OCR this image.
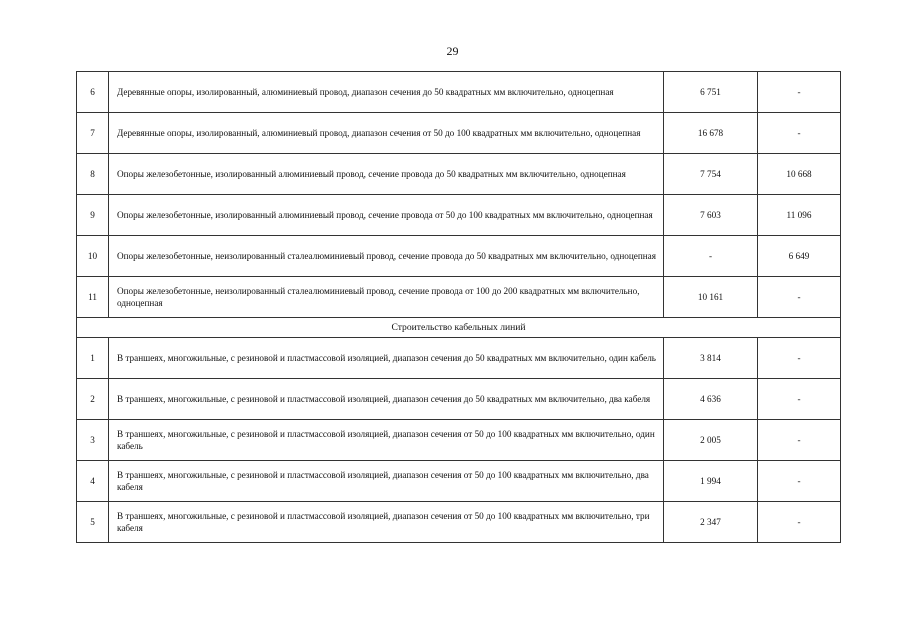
29
6	Деревянные опоры, изолированный, алюминиевый провод, диапазон сечения до 50 квадратных мм включительно, одноцепная	6 751	-
7	Деревянные опоры, изолированный, алюминиевый провод, диапазон сечения от 50 до 100 квадратных мм включительно, одноцепная	16 678	-
8	Опоры железобетонные, изолированный алюминиевый провод, сечение провода до 50 квадратных мм включительно, одноцепная	7 754	10 668
9	Опоры железобетонные, изолированный алюминиевый провод, сечение провода от 50 до 100 квадратных мм включительно, одноцепная	7 603	11 096
10	Опоры железобетонные, неизолированный сталеалюминиевый провод, сечение провода до 50 квадратных мм включительно, одноцепная	-	6 649
11	Опоры железобетонные, неизолированный сталеалюминиевый провод, сечение провода от 100 до 200 квадратных мм включительно, одноцепная	10 161	-
Строительство кабельных линий			
1	В траншеях, многожильные, с резиновой и пластмассовой изоляцией, диапазон сечения до 50 квадратных мм включительно, один кабель	3 814	-
2	В траншеях, многожильные, с резиновой и пластмассовой изоляцией, диапазон сечения до 50 квадратных мм включительно, два кабеля	4 636	-
3	В траншеях, многожильные, с резиновой и пластмассовой изоляцией, диапазон сечения от 50 до 100 квадратных мм включительно, один кабель	2 005	-
4	В траншеях, многожильные, с резиновой и пластмассовой изоляцией, диапазон сечения от 50 до 100 квадратных мм включительно, два кабеля	1 994	-
5	В траншеях, многожильные, с резиновой и пластмассовой изоляцией, диапазон сечения от 50 до 100 квадратных мм включительно, три кабеля	2 347	-
